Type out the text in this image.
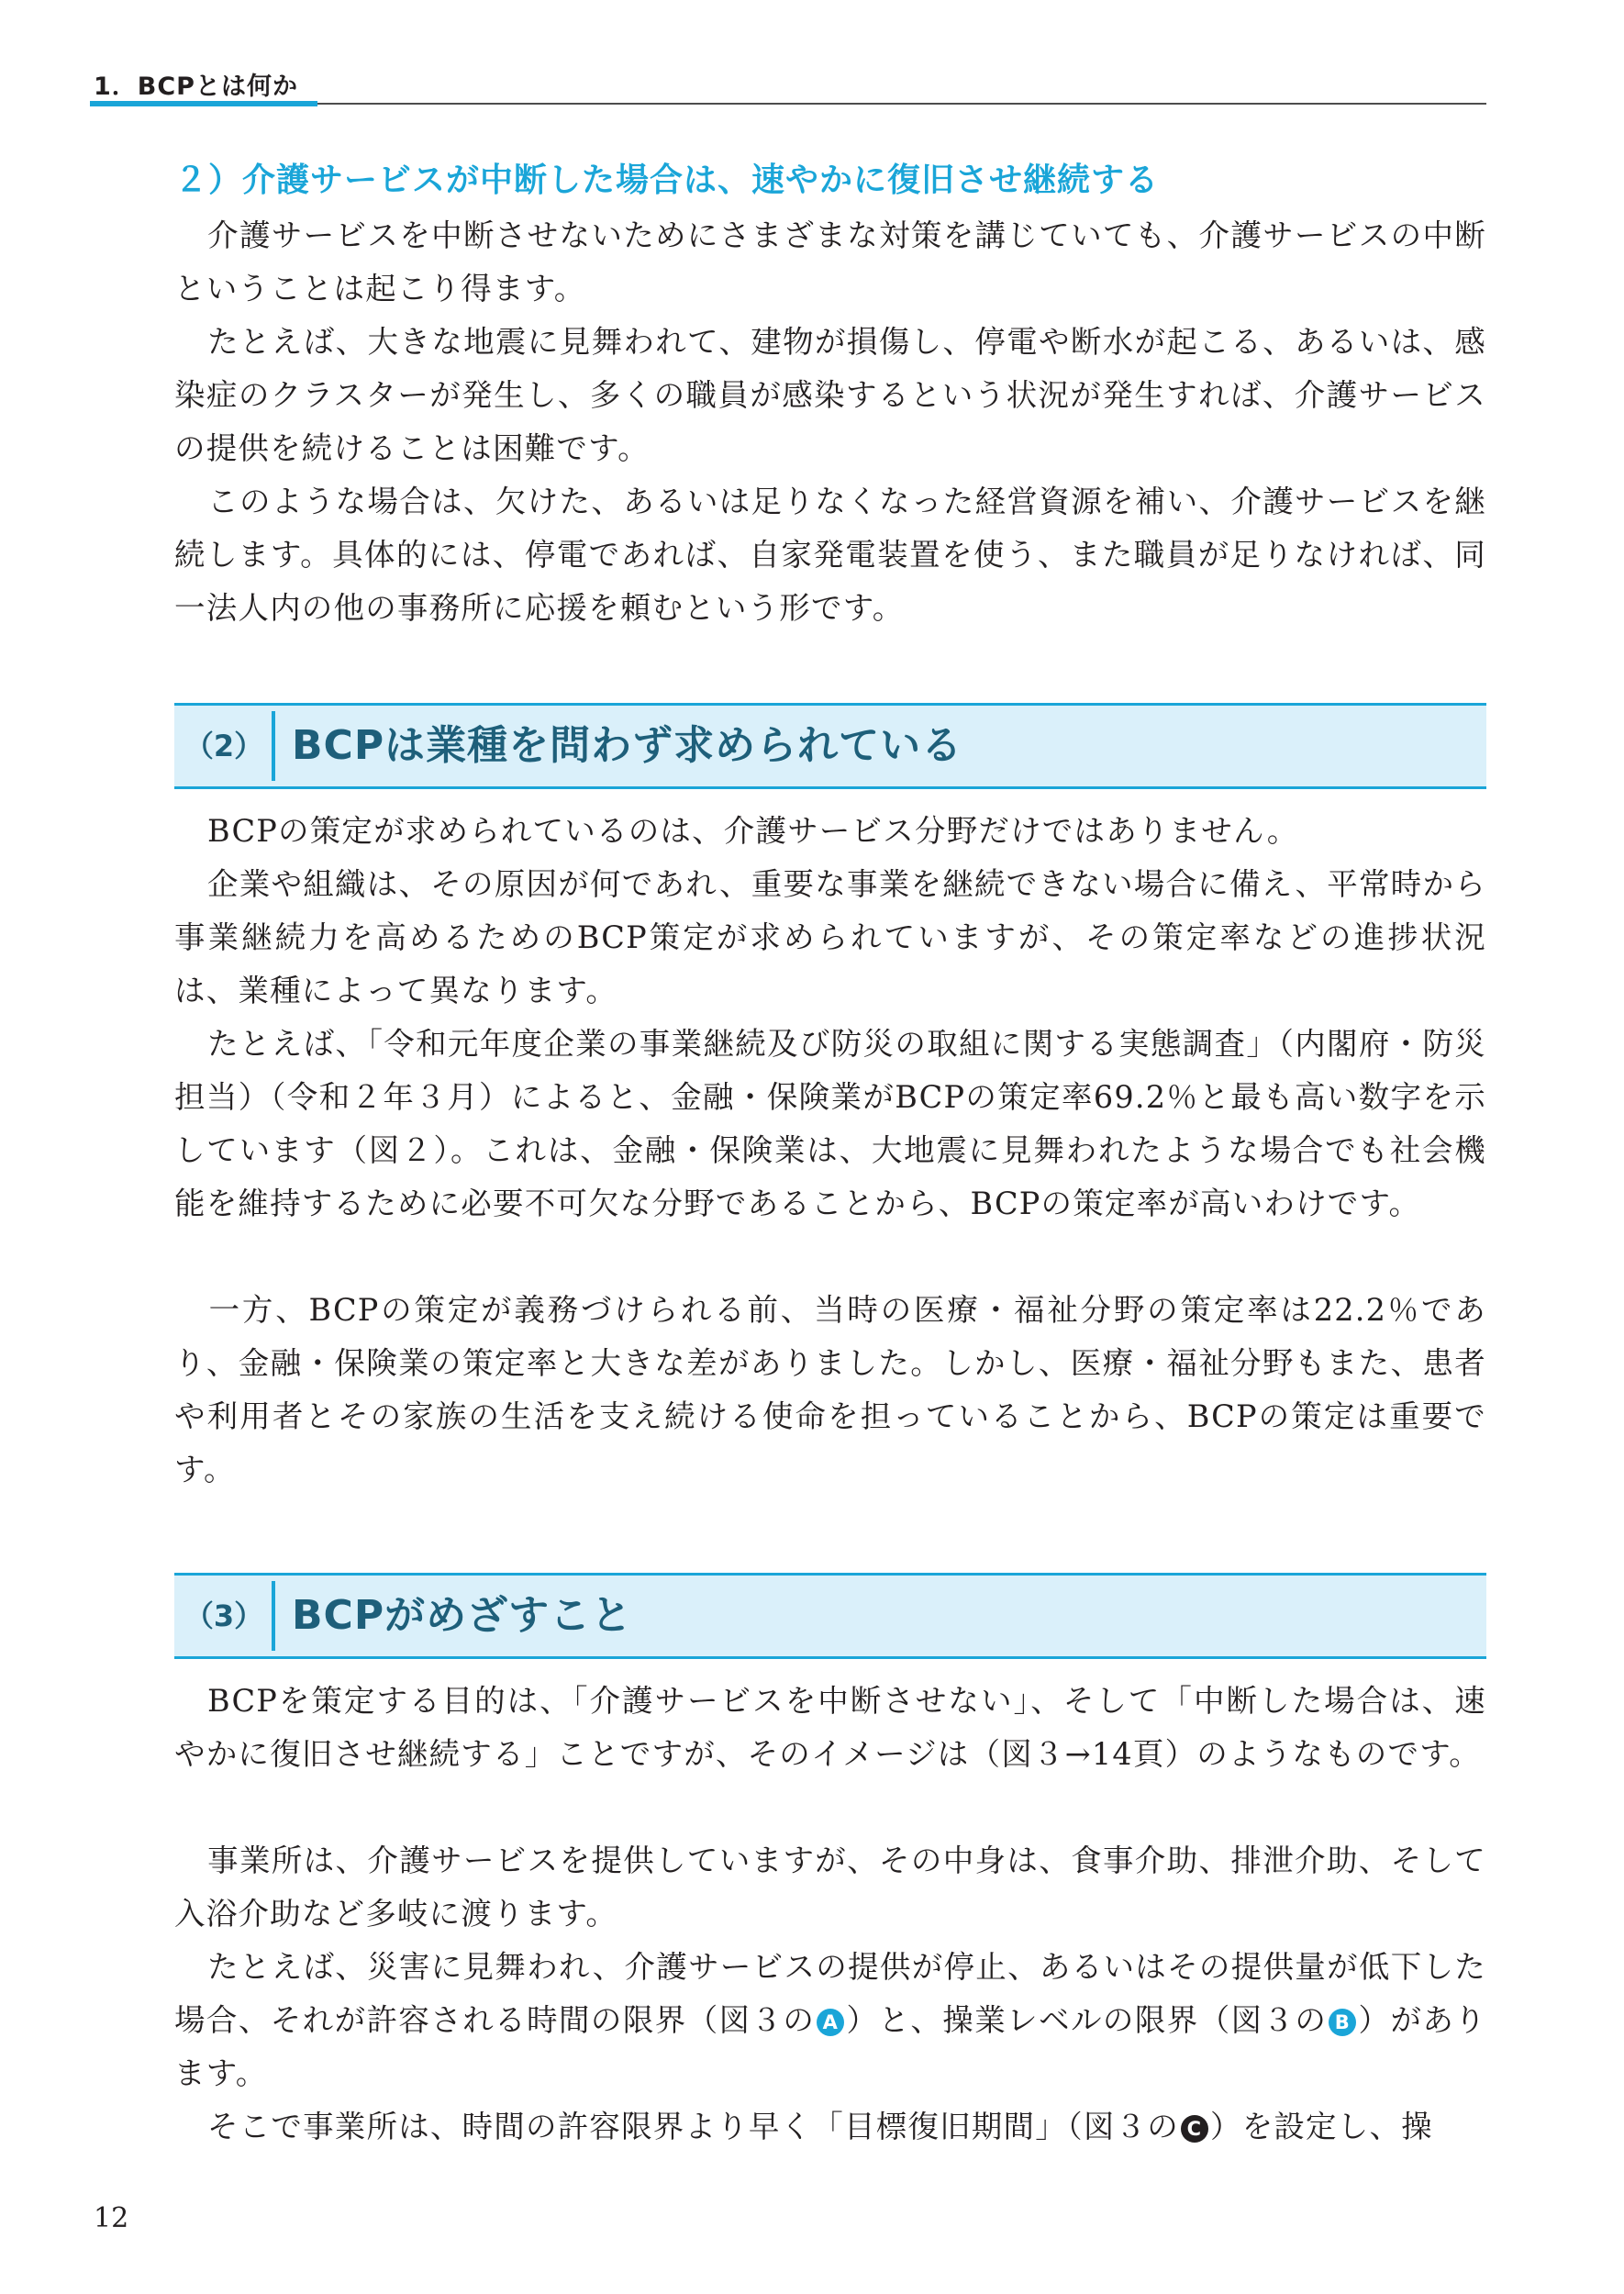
1．BCPとは何か
２）介護サービスが中断した場合は、速やかに復旧させ継続する

介護サービスを中断させないためにさまざまな対策を講じていても、介護サービスの中断ということは起こり得ます。

たとえば、大きな地震に見舞われて、建物が損傷し、停電や断水が起こる、あるいは、感染症のクラスターが発生し、多くの職員が感染するという状況が発生すれば、介護サービスの提供を続けることは困難です。

このような場合は、欠けた、あるいは足りなくなった経営資源を補い、介護サービスを継続します。具体的には、停電であれば、自家発電装置を使う、また職員が足りなければ、同一法人内の他の事務所に応援を頼むという形です。

（2） BCPは業種を問わず求められている

BCPの策定が求められているのは、介護サービス分野だけではありません。

企業や組織は、その原因が何であれ、重要な事業を継続できない場合に備え、平常時から事業継続力を高めるためのBCP策定が求められていますが、その策定率などの進捗状況は、業種によって異なります。

たとえば、「令和元年度企業の事業継続及び防災の取組に関する実態調査」（内閣府・防災担当）（令和２年３月）によると、金融・保険業がBCPの策定率69.2％と最も高い数字を示しています（図２）。これは、金融・保険業は、大地震に見舞われたような場合でも社会機能を維持するために必要不可欠な分野であることから、BCPの策定率が高いわけです。

一方、BCPの策定が義務づけられる前、当時の医療・福祉分野の策定率は22.2％であり、金融・保険業の策定率と大きな差がありました。しかし、医療・福祉分野もまた、患者や利用者とその家族の生活を支え続ける使命を担っていることから、BCPの策定は重要です。

（3） BCPがめざすこと

BCPを策定する目的は、「介護サービスを中断させない」、そして「中断した場合は、速やかに復旧させ継続する」ことですが、そのイメージは（図３→14頁）のようなものです。

事業所は、介護サービスを提供していますが、その中身は、食事介助、排泄介助、そして入浴介助など多岐に渡ります。

たとえば、災害に見舞われ、介護サービスの提供が停止、あるいはその提供量が低下した場合、それが許容される時間の限界（図３の A ）と、操業レベルの限界（図３の B ）があります。

そこで事業所は、時間の許容限界より早く「目標復旧期間」（図３の C ）を設定し、操

12
